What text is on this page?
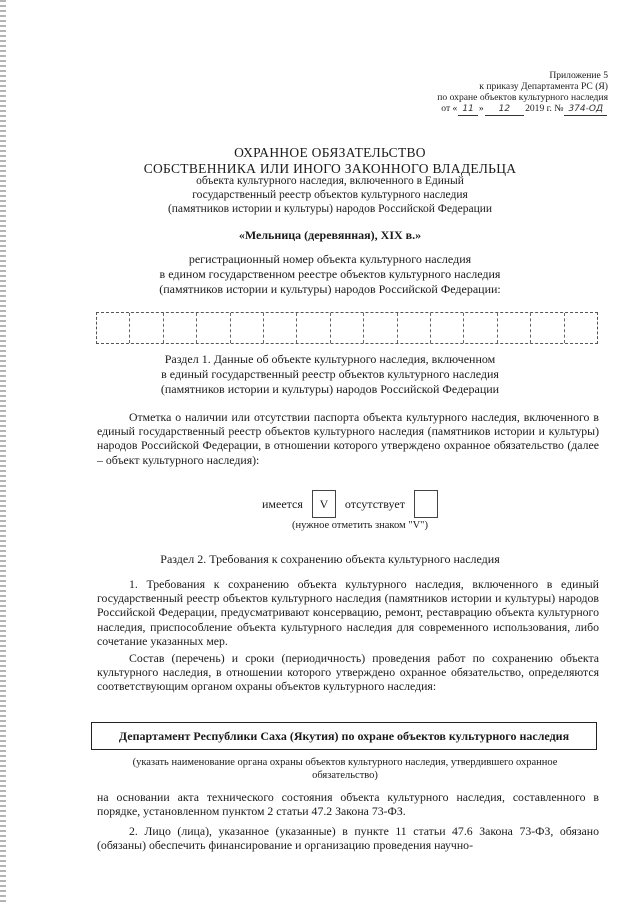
Приложение 5
к приказу Департамента РС (Я)
по охране объектов культурного наследия
от « 11 »	12	2019 г. № 374-ОД
ОХРАННОЕ ОБЯЗАТЕЛЬСТВО
СОБСТВЕННИКА ИЛИ ИНОГО ЗАКОННОГО ВЛАДЕЛЬЦА
объекта культурного наследия, включенного в Единый
государственный реестр объектов культурного наследия
(памятников истории и культуры) народов Российской Федерации
«Мельница (деревянная), XIX в.»
регистрационный номер объекта культурного наследия
в едином государственном реестре объектов культурного наследия
(памятников истории и культуры) народов Российской Федерации:
Раздел 1. Данные об объекте культурного наследия, включенном
в единый государственный реестр объектов культурного наследия
(памятников истории и культуры) народов Российской Федерации
Отметка о наличии или отсутствии паспорта объекта культурного наследия, включенного в единый государственный реестр объектов культурного наследия (памятников истории и культуры) народов Российской Федерации, в отношении которого утверждено охранное обязательство (далее – объект культурного наследия):
имеется	V	отсутствует
(нужное отметить знаком "V")
Раздел 2. Требования к сохранению объекта культурного наследия
1. Требования к сохранению объекта культурного наследия, включенного в единый государственный реестр объектов культурного наследия (памятников истории и культуры) народов Российской Федерации, предусматривают консервацию, ремонт, реставрацию объекта культурного наследия, приспособление объекта культурного наследия для современного использования, либо сочетание указанных мер.
Состав (перечень) и сроки (периодичность) проведения работ по сохранению объекта культурного наследия, в отношении которого утверждено охранное обязательство, определяются соответствующим органом охраны объектов культурного наследия:
Департамент Республики Саха (Якутия) по охране объектов культурного наследия
(указать наименование органа охраны объектов культурного наследия, утвердившего охранное обязательство)
на основании акта технического состояния объекта культурного наследия, составленного в порядке, установленном пунктом 2 статьи 47.2 Закона 73-ФЗ.
2. Лицо (лица), указанное (указанные) в пункте 11 статьи 47.6 Закона 73-ФЗ, обязано (обязаны) обеспечить финансирование и организацию проведения научно-
